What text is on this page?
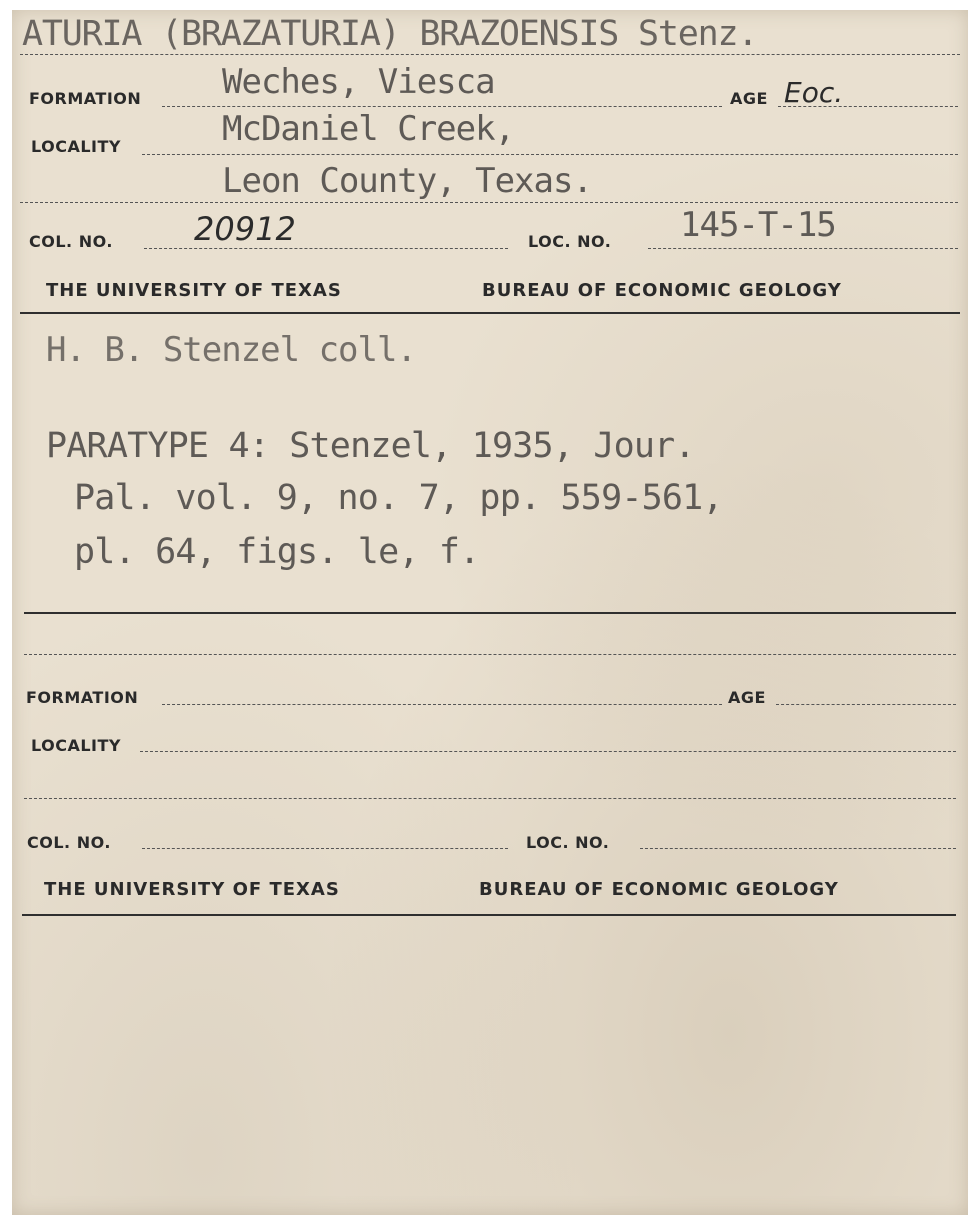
ATURIA (BRAZATURIA) BRAZOENSIS Stenz.
FORMATION Weches, Viesca	AGE Eoc.
LOCALITY	McDaniel Creek,
Leon County, Texas.
COL. NO.	20912	LOC. NO. 145-T-15
THE UNIVERSITY OF TEXAS	BUREAU OF ECONOMIC GEOLOGY
H. B. Stenzel coll.
PARATYPE 4: Stenzel, 1935, Jour.
Pal. vol. 9, no. 7, pp. 559-561,
pl. 64, figs. le, f.
FORMATION	AGE
LOCALITY
COL. NO.	LOC. NO.
THE UNIVERSITY OF TEXAS	BUREAU OF ECONOMIC GEOLOGY
